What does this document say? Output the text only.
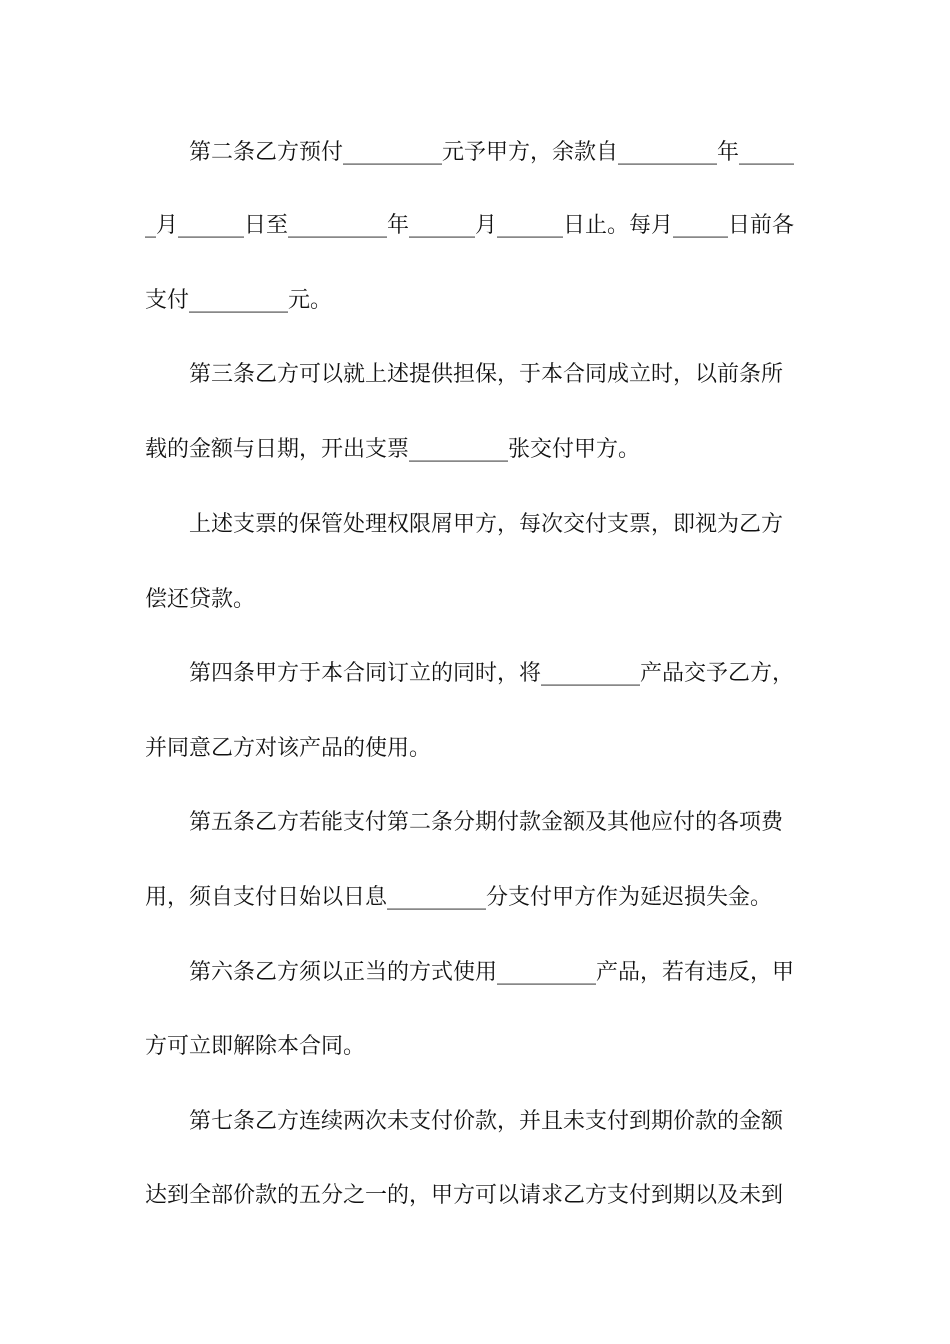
第二条乙方预付_________元予甲方，余款自_________年_____

_月______日至_________年______月______日止。每月_____日前各

支付_________元。

第三条乙方可以就上述提供担保，于本合同成立时，以前条所

载的金额与日期，开出支票_________张交付甲方。

上述支票的保管处理权限屑甲方，每次交付支票，即视为乙方

偿还贷款。

第四条甲方于本合同订立的同时，将_________产品交予乙方，

并同意乙方对该产品的使用。

第五条乙方若能支付第二条分期付款金额及其他应付的各项费

用，须自支付日始以日息_________分支付甲方作为延迟损失金。

第六条乙方须以正当的方式使用_________产品，若有违反，甲

方可立即解除本合同。

第七条乙方连续两次未支付价款，并且未支付到期价款的金额

达到全部价款的五分之一的，甲方可以请求乙方支付到期以及未到
